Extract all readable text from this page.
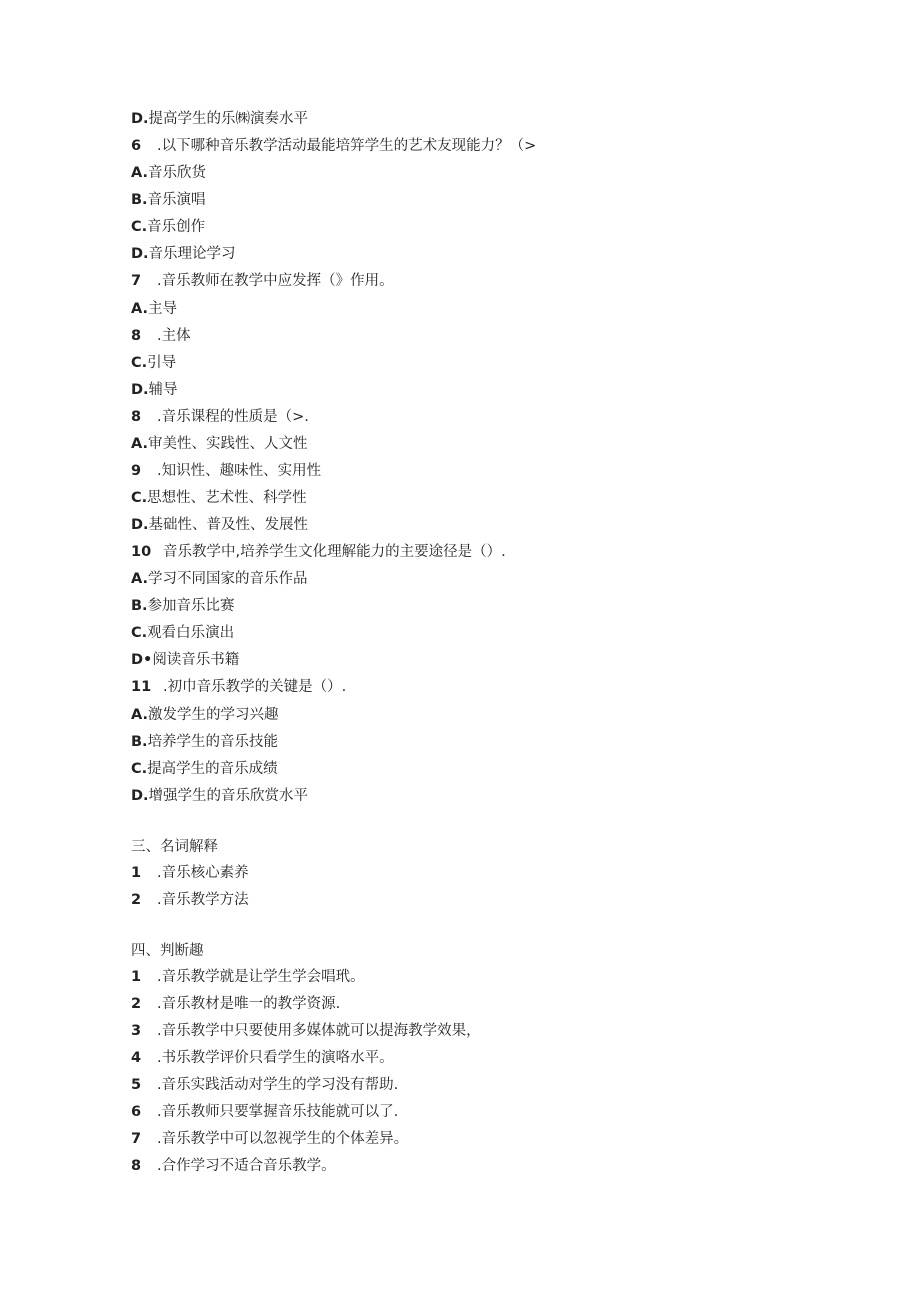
D.提高学生的乐㈱演奏水平
6 .以下哪种音乐教学活动最能培笄学生的艺术友现能力？（>
A.音乐欣货
B.音乐演唱
C.音乐创作
D.音乐理论学习
7 .音乐教师在教学中应发挥（》作用。
A.主导
8 .主体
C.引导
D.辅导
8 .音乐课程的性质是（>.
A.审美性、实践性、人文性
9 .知识性、趣味性、实用性
C.思想性、艺术性、科学性
D.基础性、普及性、发展性
10 音乐教学中,培养学生文化理解能力的主要途径是（）.
A.学习不同国家的音乐作品
B.参加音乐比赛
C.观看白乐演出
D•阅读音乐书籍
11 .初巾音乐教学的关键是（）.
A.激发学生的学习兴趣
B.培养学生的音乐技能
C.提高学生的音乐成绩
D.增强学生的音乐欣赏水平
三、名词解释
1 .音乐核心素养
2 .音乐教学方法
四、判断趣
1 .音乐教学就是让学生学会唱玳。
2 .音乐教材是唯一的教学资源.
3 .音乐教学中只要使用多媒体就可以提海教学效果，
4 .书乐教学评价只看学生的演咯水平。
5 .音乐实践活动对学生的学习没有帮助.
6 .音乐教师只要掌握音乐技能就可以了.
7 .音乐教学中可以忽视学生的个体差异。
8 .合作学习不适合音乐教学。
